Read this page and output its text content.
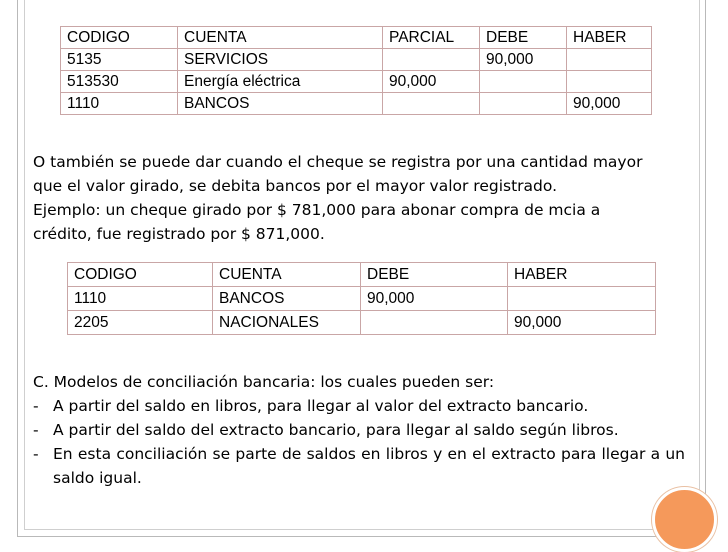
CODIGO	CUENTA	PARCIAL	DEBE	HABER
5135	SERVICIOS		90,000	
513530	Energía eléctrica	90,000		
1110	BANCOS			90,000

O también se puede dar cuando el cheque se registra por una cantidad mayor
que el valor girado, se debita bancos por el mayor valor registrado.
Ejemplo: un cheque girado por $ 781,000 para abonar compra de mcia a
crédito, fue registrado por $ 871,000.

CODIGO	CUENTA	DEBE	HABER
1110	BANCOS	90,000	
2205	NACIONALES		90,000
C. Modelos de conciliación bancaria: los cuales pueden ser:
- A partir del saldo en libros, para llegar al valor del extracto bancario.
- A partir del saldo del extracto bancario, para llegar al saldo según libros.
- En esta conciliación se parte de saldos en libros y en el extracto para llegar a un saldo igual.
